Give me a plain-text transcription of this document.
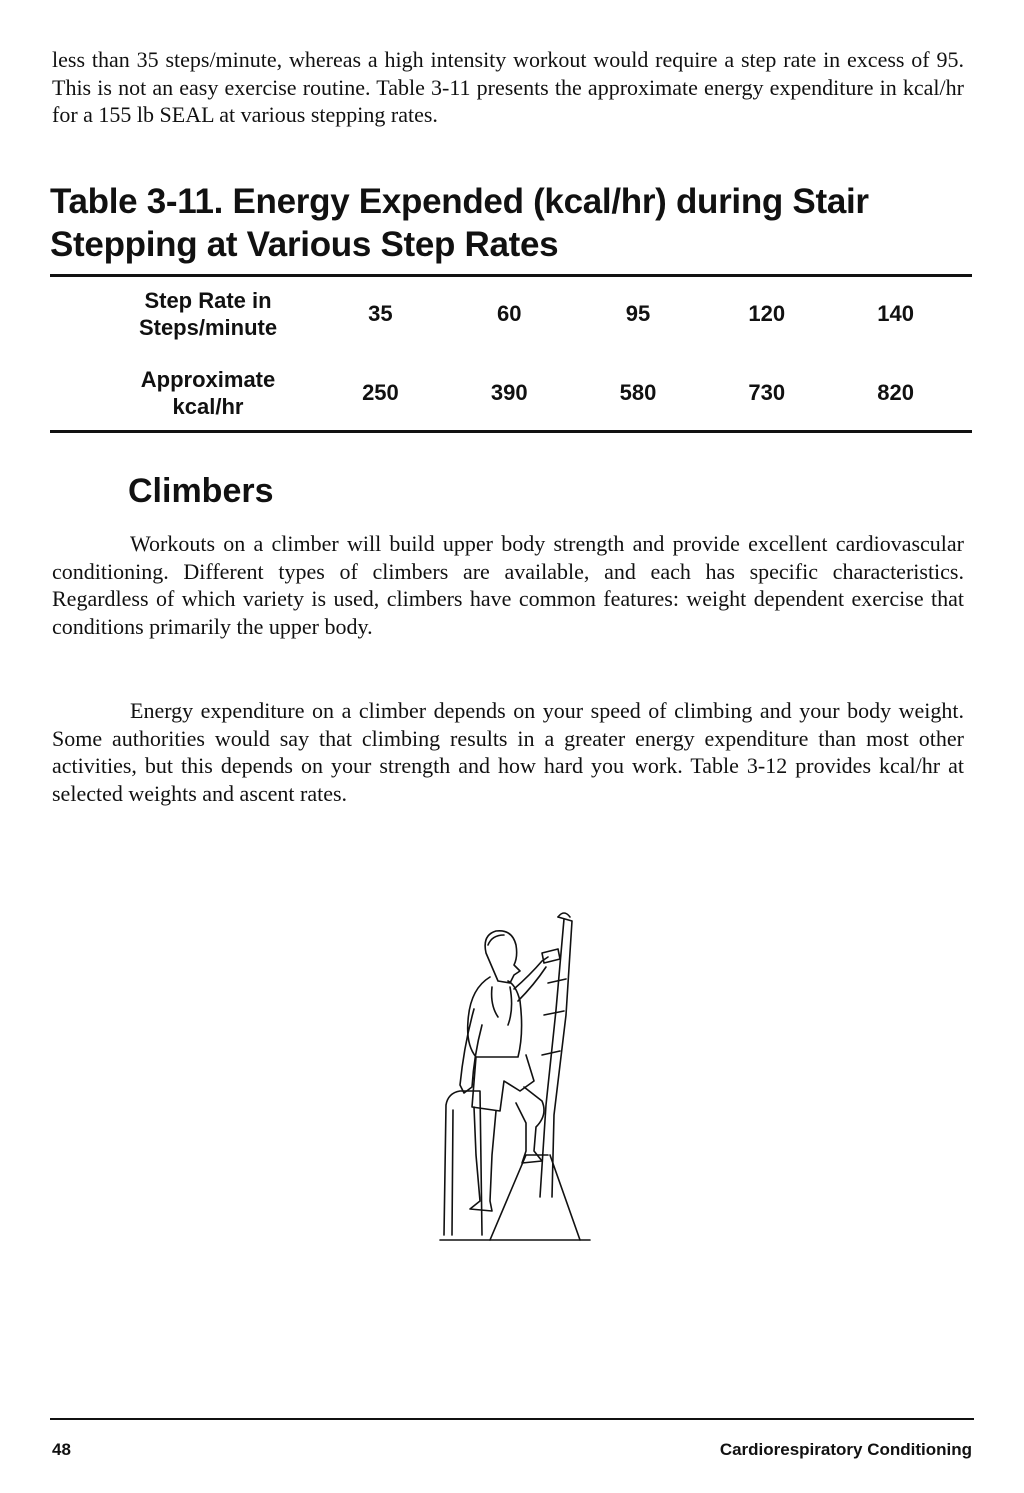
less than 35 steps/minute, whereas a high intensity workout would require a step rate in excess of 95. This is not an easy exercise routine. Table 3-11 presents the approximate energy expenditure in kcal/hr for a 155 lb SEAL at various stepping rates.

Table 3-11. Energy Expended (kcal/hr) during Stair
Stepping at Various Step Rates
Step Rate in
Steps/minute	35	60	95	120	140
Approximate
kcal/hr	250	390	580	730	820
Climbers

Workouts on a climber will build upper body strength and provide excellent cardiovascular conditioning. Different types of climbers are available, and each has specific characteristics. Regardless of which variety is used, climbers have common features: weight dependent exercise that conditions primarily the upper body.

Energy expenditure on a climber depends on your speed of climbing and your body weight. Some authorities would say that climbing results in a greater energy expenditure than most other activities, but this depends on your strength and how hard you work. Table 3-12 provides kcal/hr at selected weights and ascent rates.

48	Cardiorespiratory Conditioning
